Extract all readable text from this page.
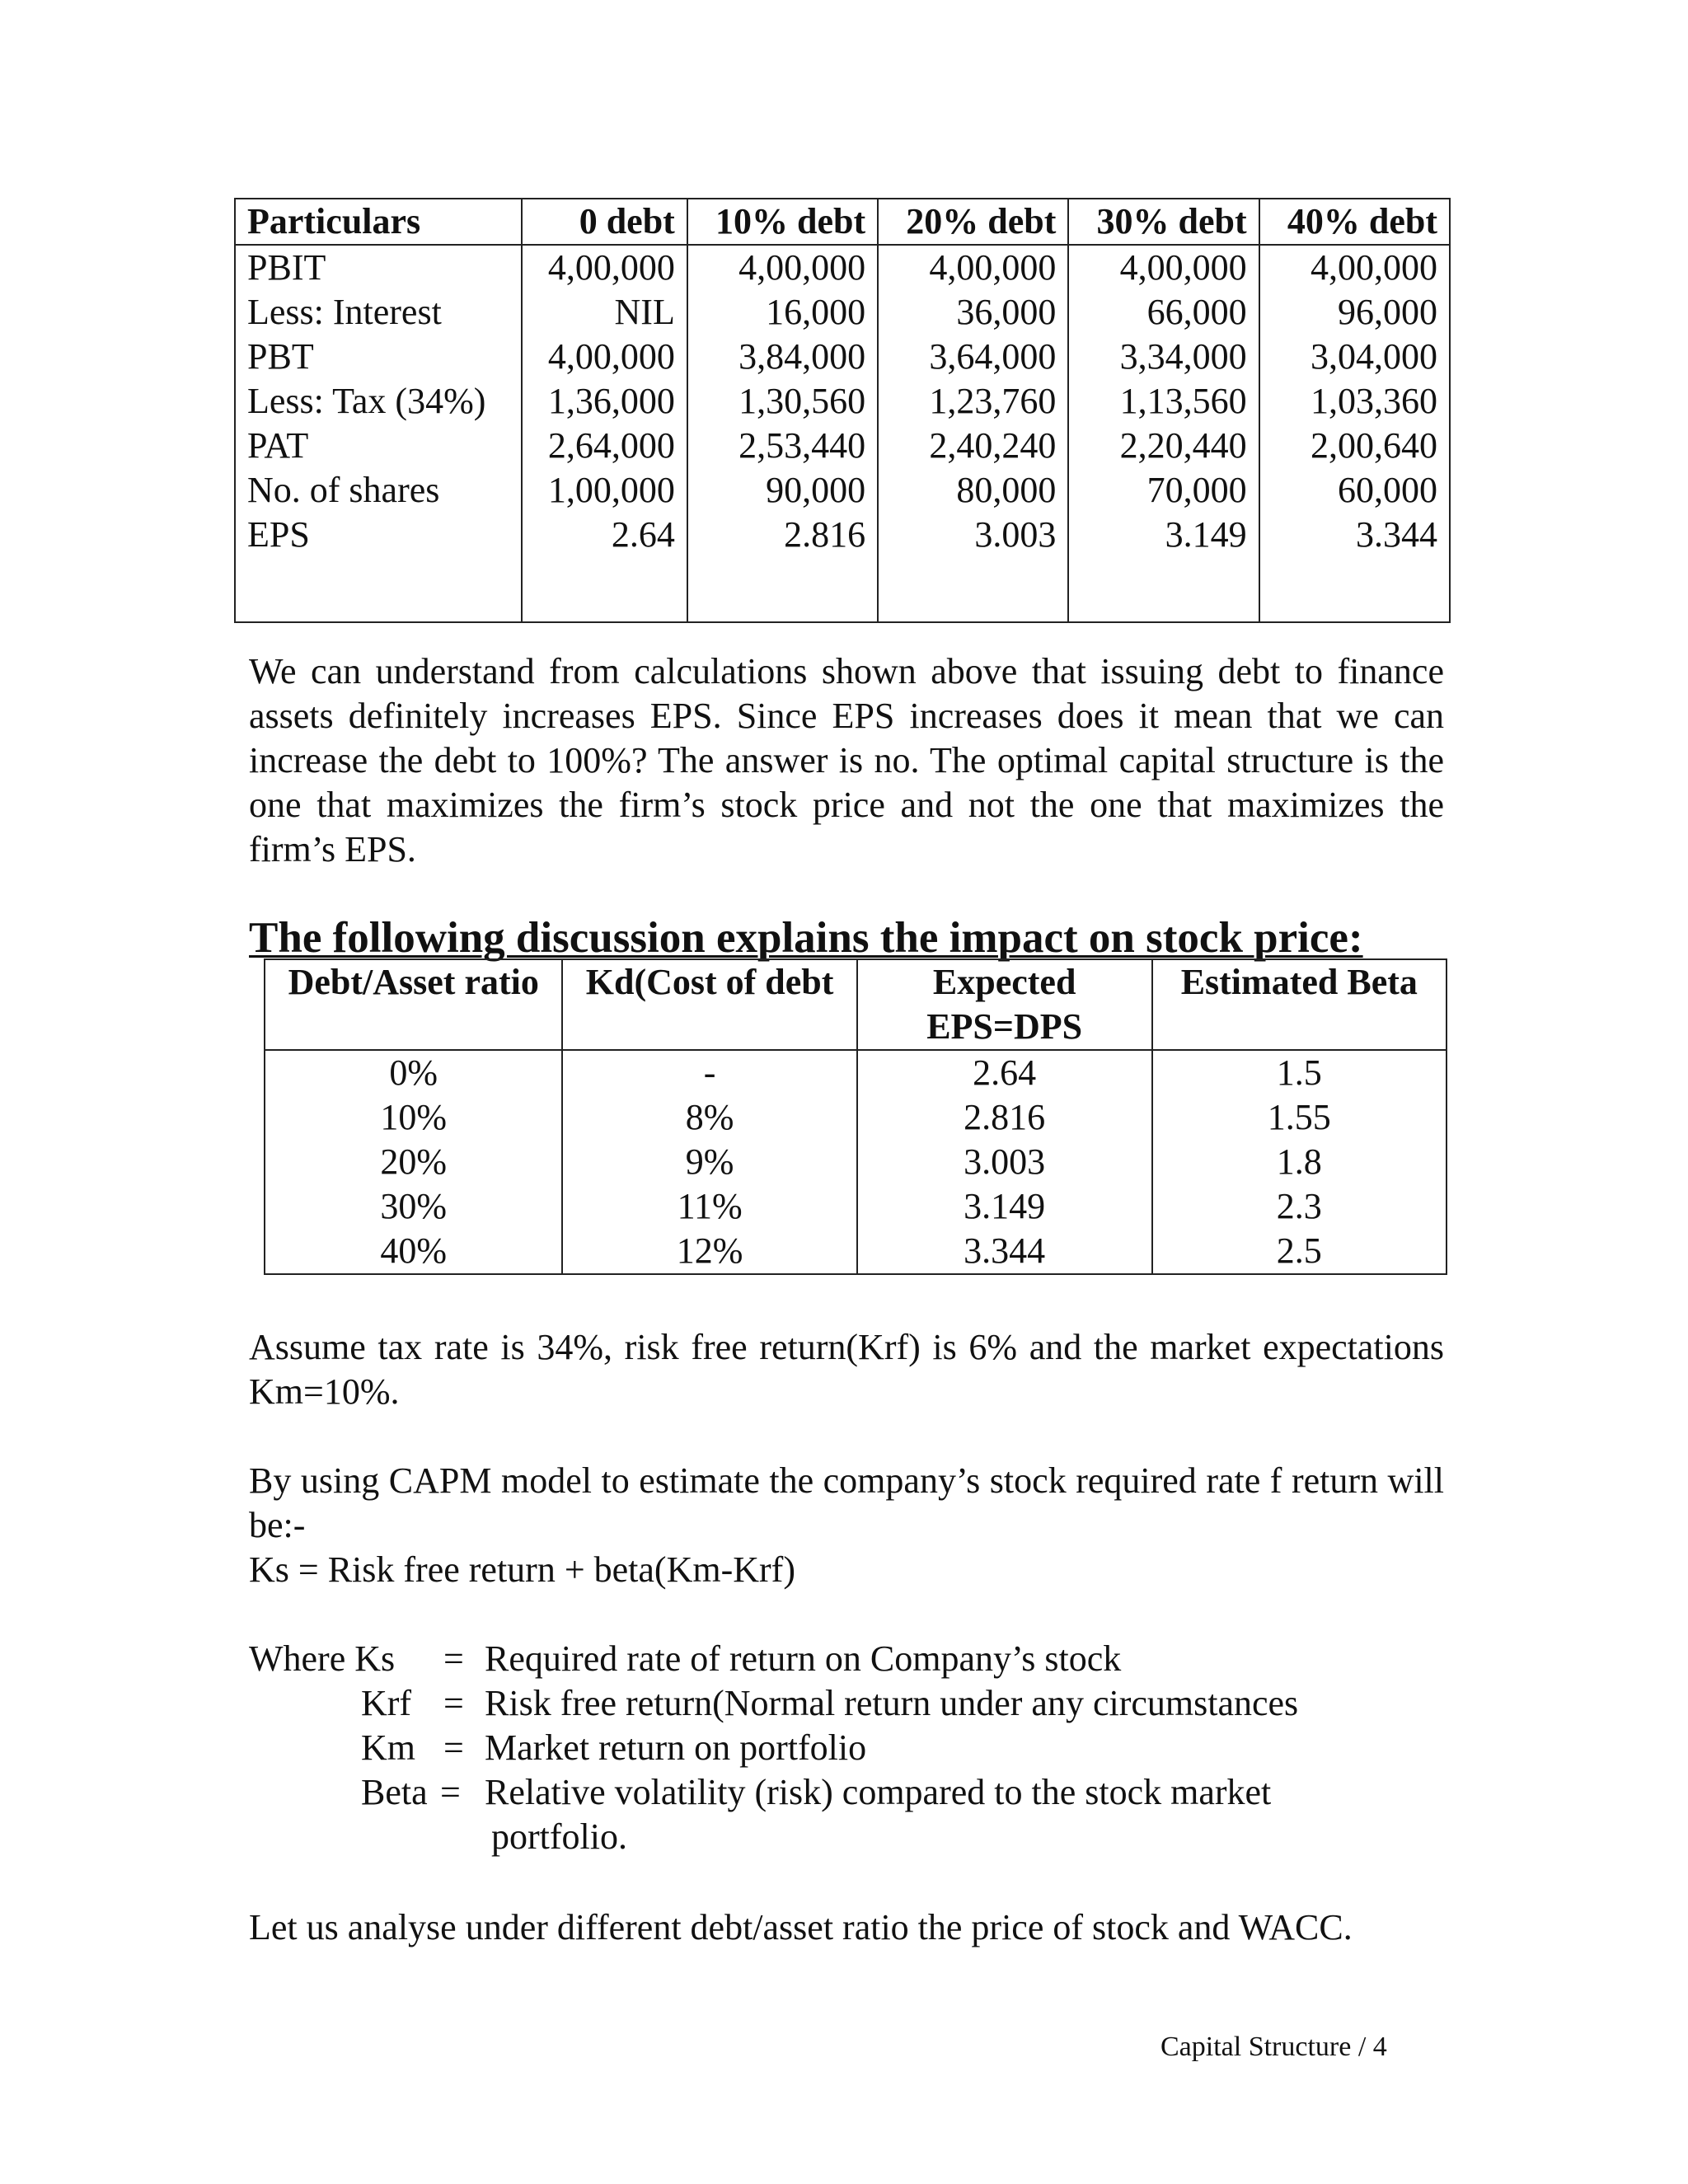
Particulars	0 debt	10% debt	20% debt	30% debt	40% debt
PBIT	4,00,000	4,00,000	4,00,000	4,00,000	4,00,000
Less: Interest	NIL	16,000	36,000	66,000	96,000
PBT	4,00,000	3,84,000	3,64,000	3,34,000	3,04,000
Less: Tax (34%)	1,36,000	1,30,560	1,23,760	1,13,560	1,03,360
PAT	2,64,000	2,53,440	2,40,240	2,20,440	2,00,640
No. of shares	1,00,000	90,000	80,000	70,000	60,000
EPS	2.64	2.816	3.003	3.149	3.344

We can understand from calculations shown above that issuing debt to finance assets definitely increases EPS. Since EPS increases does it mean that we can increase the debt to 100%? The answer is no. The optimal capital structure is the one that maximizes the firm’s stock price and not the one that maximizes the firm’s EPS.

The following discussion explains the impact on stock price:
Debt/Asset ratio	Kd(Cost of debt	Expected EPS=DPS	Estimated Beta
0%	-	2.64	1.5
10%	8%	2.816	1.55
20%	9%	3.003	1.8
30%	11%	3.149	2.3
40%	12%	3.344	2.5

Assume tax rate is 34%, risk free return(Krf) is 6% and the market expectations Km=10%.

By using CAPM model to estimate the company’s stock required rate f return will be:-

Ks = Risk free return + beta(Km-Krf)

Where Ks = Required rate of return on Company’s stock
Krf = Risk free return(Normal return under any circumstances
Km = Market return on portfolio
Beta = Relative volatility (risk) compared to the stock market
portfolio.

Let us analyse under different debt/asset ratio the price of stock and WACC.

Capital Structure / 4
